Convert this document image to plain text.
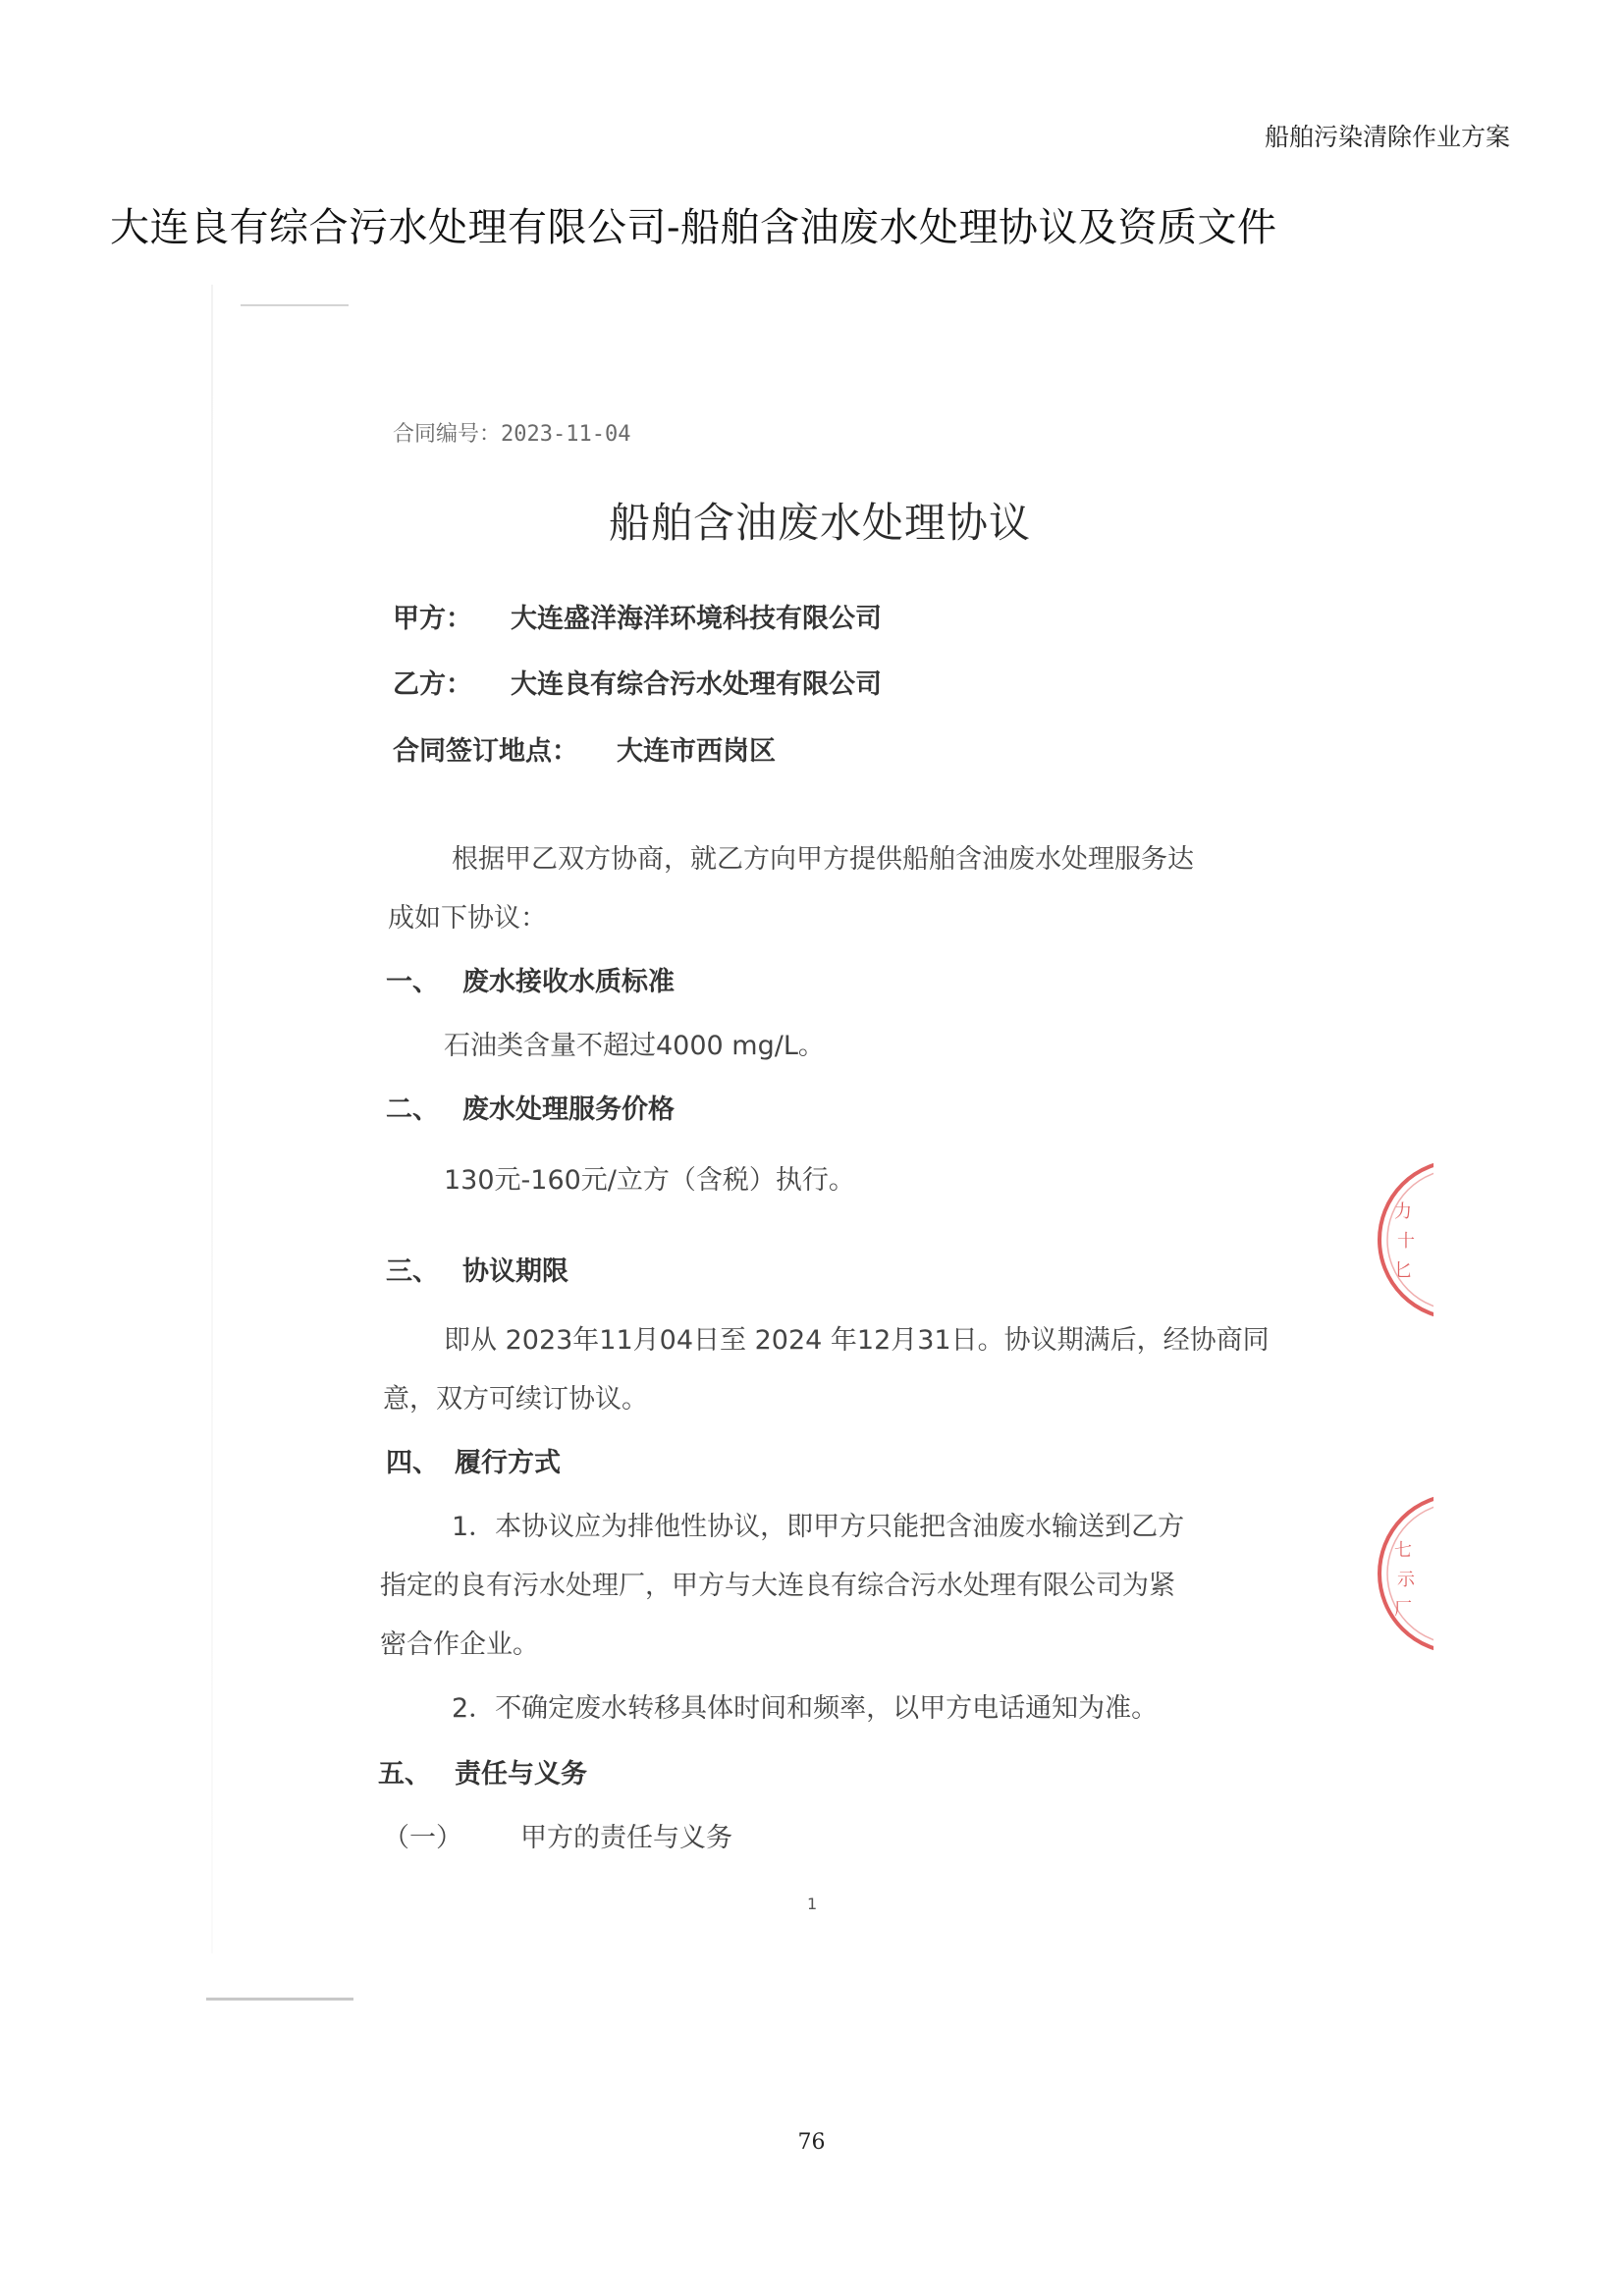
船舶污染清除作业方案
大连良有综合污水处理有限公司-船舶含油废水处理协议及资质文件
合同编号：2023-11-04
船舶含油废水处理协议
甲方： 大连盛洋海洋环境科技有限公司
乙方： 大连良有综合污水处理有限公司
合同签订地点： 大连市西岗区
根据甲乙双方协商，就乙方向甲方提供船舶含油废水处理服务达
成如下协议：
一、 废水接收水质标准
石油类含量不超过4000 mg/L。
二、 废水处理服务价格
130元-160元/立方（含税）执行。
三、 协议期限
即从 2023年11月04日至 2024 年12月31日。协议期满后，经协商同
意，双方可续订协议。
四、 履行方式
1．本协议应为排他性协议，即甲方只能把含油废水输送到乙方
指定的良有污水处理厂，甲方与大连良有综合污水处理有限公司为紧
密合作企业。
2．不确定废水转移具体时间和频率，以甲方电话通知为准。
五、 责任与义务
（一） 甲方的责任与义务
1
力
十
匕
七
示
厂
76
